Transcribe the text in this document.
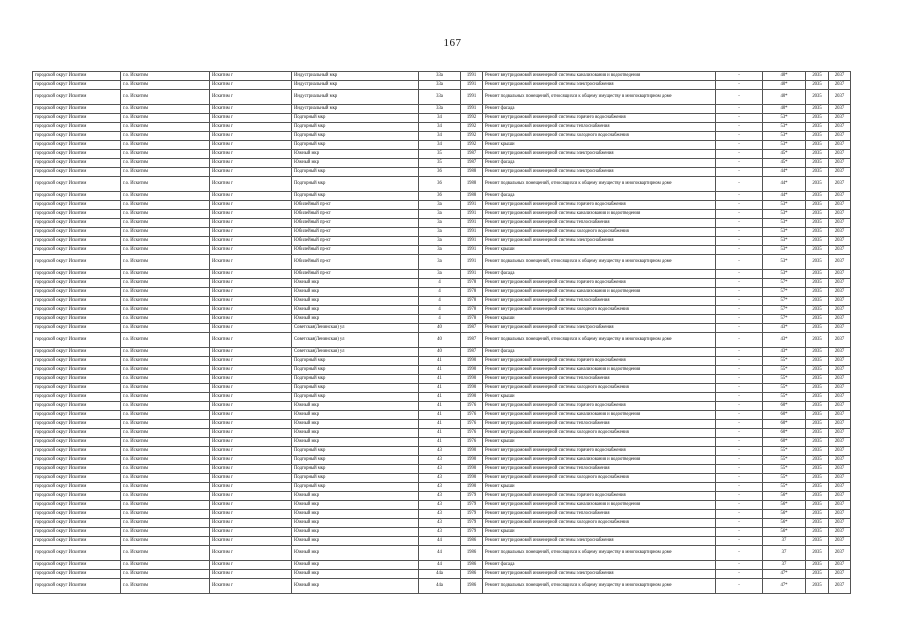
167
городской округ Искитим	г.о. Искитим	Искитим г	Индустриальный мкр	33а	1991	Ремонт внутридомовой инженерной системы канализования и водоотведения	-	40*	2035	2037
городской округ Искитим	г.о. Искитим	Искитим г	Индустриальный мкр	33а	1991	Ремонт внутридомовой инженерной системы электроснабжения	-	40*	2035	2037
городской округ Искитим	г.о. Искитим	Искитим г	Индустриальный мкр	33а	1991	Ремонт подвальных помещений, относящихся к общему имуществу в многоквартирном доме	-	40*	2035	2037
городской округ Искитим	г.о. Искитим	Искитим г	Индустриальный мкр	33а	1991	Ремонт фасада	-	40*	2035	2037
городской округ Искитим	г.о. Искитим	Искитим г	Подгорный мкр	34	1992	Ремонт внутридомовой инженерной системы горячего водоснабжения	-	53*	2035	2037
городской округ Искитим	г.о. Искитим	Искитим г	Подгорный мкр	34	1992	Ремонт внутридомовой инженерной системы теплоснабжения	-	53*	2035	2037
городской округ Искитим	г.о. Искитим	Искитим г	Подгорный мкр	34	1992	Ремонт внутридомовой инженерной системы холодного водоснабжения	-	53*	2035	2037
городской округ Искитим	г.о. Искитим	Искитим г	Подгорный мкр	34	1992	Ремонт крыши	-	53*	2035	2037
городской округ Искитим	г.о. Искитим	Искитим г	Южный мкр	35	1987	Ремонт внутридомовой инженерной системы электроснабжения	-	45*	2035	2037
городской округ Искитим	г.о. Искитим	Искитим г	Южный мкр	35	1987	Ремонт фасада	-	45*	2035	2037
городской округ Искитим	г.о. Искитим	Искитим г	Подгорный мкр	36	1988	Ремонт внутридомовой инженерной системы электроснабжения	-	44*	2035	2037
городской округ Искитим	г.о. Искитим	Искитим г	Подгорный мкр	36	1988	Ремонт подвальных помещений, относящихся к общему имуществу в многоквартирном доме	-	44*	2035	2037
городской округ Искитим	г.о. Искитим	Искитим г	Подгорный мкр	36	1988	Ремонт фасада	-	44*	2035	2037
городской округ Искитим	г.о. Искитим	Искитим г	Юбилейный пр-кт	3а	1991	Ремонт внутридомовой инженерной системы горячего водоснабжения	-	53*	2035	2037
городской округ Искитим	г.о. Искитим	Искитим г	Юбилейный пр-кт	3а	1991	Ремонт внутридомовой инженерной системы канализования и водоотведения	-	53*	2035	2037
городской округ Искитим	г.о. Искитим	Искитим г	Юбилейный пр-кт	3а	1991	Ремонт внутридомовой инженерной системы теплоснабжения	-	53*	2035	2037
городской округ Искитим	г.о. Искитим	Искитим г	Юбилейный пр-кт	3а	1991	Ремонт внутридомовой инженерной системы холодного водоснабжения	-	53*	2035	2037
городской округ Искитим	г.о. Искитим	Искитим г	Юбилейный пр-кт	3а	1991	Ремонт внутридомовой инженерной системы электроснабжения	-	53*	2035	2037
городской округ Искитим	г.о. Искитим	Искитим г	Юбилейный пр-кт	3а	1991	Ремонт крыши	-	53*	2035	2037
городской округ Искитим	г.о. Искитим	Искитим г	Юбилейный пр-кт	3а	1991	Ремонт подвальных помещений, относящихся к общему имуществу в многоквартирном доме	-	53*	2035	2037
городской округ Искитим	г.о. Искитим	Искитим г	Юбилейный пр-кт	3а	1991	Ремонт фасада	-	53*	2035	2037
городской округ Искитим	г.о. Искитим	Искитим г	Южный мкр	4	1978	Ремонт внутридомовой инженерной системы горячего водоснабжения	-	57*	2035	2037
городской округ Искитим	г.о. Искитим	Искитим г	Южный мкр	4	1978	Ремонт внутридомовой инженерной системы канализования и водоотведения	-	57*	2035	2037
городской округ Искитим	г.о. Искитим	Искитим г	Южный мкр	4	1978	Ремонт внутридомовой инженерной системы теплоснабжения	-	57*	2035	2037
городской округ Искитим	г.о. Искитим	Искитим г	Южный мкр	4	1978	Ремонт внутридомовой инженерной системы холодного водоснабжения	-	57*	2035	2037
городской округ Искитим	г.о. Искитим	Искитим г	Южный мкр	4	1978	Ремонт крыши	-	57*	2035	2037
городской округ Искитим	г.о. Искитим	Искитим г	Советская(Ленинская) ул	40	1987	Ремонт внутридомовой инженерной системы электроснабжения	-	43*	2035	2037
городской округ Искитим	г.о. Искитим	Искитим г	Советская(Ленинская) ул	40	1987	Ремонт подвальных помещений, относящихся к общему имуществу в многоквартирном доме	-	43*	2035	2037
городской округ Искитим	г.о. Искитим	Искитим г	Советская(Ленинская) ул	40	1987	Ремонт фасада	-	43*	2035	2037
городской округ Искитим	г.о. Искитим	Искитим г	Подгорный мкр	41	1990	Ремонт внутридомовой инженерной системы горячего водоснабжения	-	55*	2035	2037
городской округ Искитим	г.о. Искитим	Искитим г	Подгорный мкр	41	1990	Ремонт внутридомовой инженерной системы канализования и водоотведения	-	55*	2035	2037
городской округ Искитим	г.о. Искитим	Искитим г	Подгорный мкр	41	1990	Ремонт внутридомовой инженерной системы теплоснабжения	-	55*	2035	2037
городской округ Искитим	г.о. Искитим	Искитим г	Подгорный мкр	41	1990	Ремонт внутридомовой инженерной системы холодного водоснабжения	-	55*	2035	2037
городской округ Искитим	г.о. Искитим	Искитим г	Подгорный мкр	41	1990	Ремонт крыши	-	55*	2035	2037
городской округ Искитим	г.о. Искитим	Искитим г	Южный мкр	41	1976	Ремонт внутридомовой инженерной системы горячего водоснабжения	-	60*	2035	2037
городской округ Искитим	г.о. Искитим	Искитим г	Южный мкр	41	1976	Ремонт внутридомовой инженерной системы канализования и водоотведения	-	60*	2035	2037
городской округ Искитим	г.о. Искитим	Искитим г	Южный мкр	41	1976	Ремонт внутридомовой инженерной системы теплоснабжения	-	60*	2035	2037
городской округ Искитим	г.о. Искитим	Искитим г	Южный мкр	41	1976	Ремонт внутридомовой инженерной системы холодного водоснабжения	-	60*	2035	2037
городской округ Искитим	г.о. Искитим	Искитим г	Южный мкр	41	1976	Ремонт крыши	-	60*	2035	2037
городской округ Искитим	г.о. Искитим	Искитим г	Подгорный мкр	43	1990	Ремонт внутридомовой инженерной системы горячего водоснабжения	-	55*	2035	2037
городской округ Искитим	г.о. Искитим	Искитим г	Подгорный мкр	43	1990	Ремонт внутридомовой инженерной системы канализования и водоотведения	-	55*	2035	2037
городской округ Искитим	г.о. Искитим	Искитим г	Подгорный мкр	43	1990	Ремонт внутридомовой инженерной системы теплоснабжения	-	55*	2035	2037
городской округ Искитим	г.о. Искитим	Искитим г	Подгорный мкр	43	1990	Ремонт внутридомовой инженерной системы холодного водоснабжения	-	55*	2035	2037
городской округ Искитим	г.о. Искитим	Искитим г	Подгорный мкр	43	1990	Ремонт крыши	-	55*	2035	2037
городской округ Искитим	г.о. Искитим	Искитим г	Южный мкр	43	1979	Ремонт внутридомовой инженерной системы горячего водоснабжения	-	56*	2035	2037
городской округ Искитим	г.о. Искитим	Искитим г	Южный мкр	43	1979	Ремонт внутридомовой инженерной системы канализования и водоотведения	-	56*	2035	2037
городской округ Искитим	г.о. Искитим	Искитим г	Южный мкр	43	1979	Ремонт внутридомовой инженерной системы теплоснабжения	-	56*	2035	2037
городской округ Искитим	г.о. Искитим	Искитим г	Южный мкр	43	1979	Ремонт внутридомовой инженерной системы холодного водоснабжения	-	56*	2035	2037
городской округ Искитим	г.о. Искитим	Искитим г	Южный мкр	43	1979	Ремонт крыши	-	56*	2035	2037
городской округ Искитим	г.о. Искитим	Искитим г	Южный мкр	44	1986	Ремонт внутридомовой инженерной системы электроснабжения	-	37	2035	2037
городской округ Искитим	г.о. Искитим	Искитим г	Южный мкр	44	1986	Ремонт подвальных помещений, относящихся к общему имуществу в многоквартирном доме	-	37	2035	2037
городской округ Искитим	г.о. Искитим	Искитим г	Южный мкр	44	1986	Ремонт фасада	-	37	2035	2037
городской округ Искитим	г.о. Искитим	Искитим г	Южный мкр	44а	1986	Ремонт внутридомовой инженерной системы электроснабжения	-	47*	2035	2037
городской округ Искитим	г.о. Искитим	Искитим г	Южный мкр	44а	1986	Ремонт подвальных помещений, относящихся к общему имуществу в многоквартирном доме	-	47*	2035	2037
